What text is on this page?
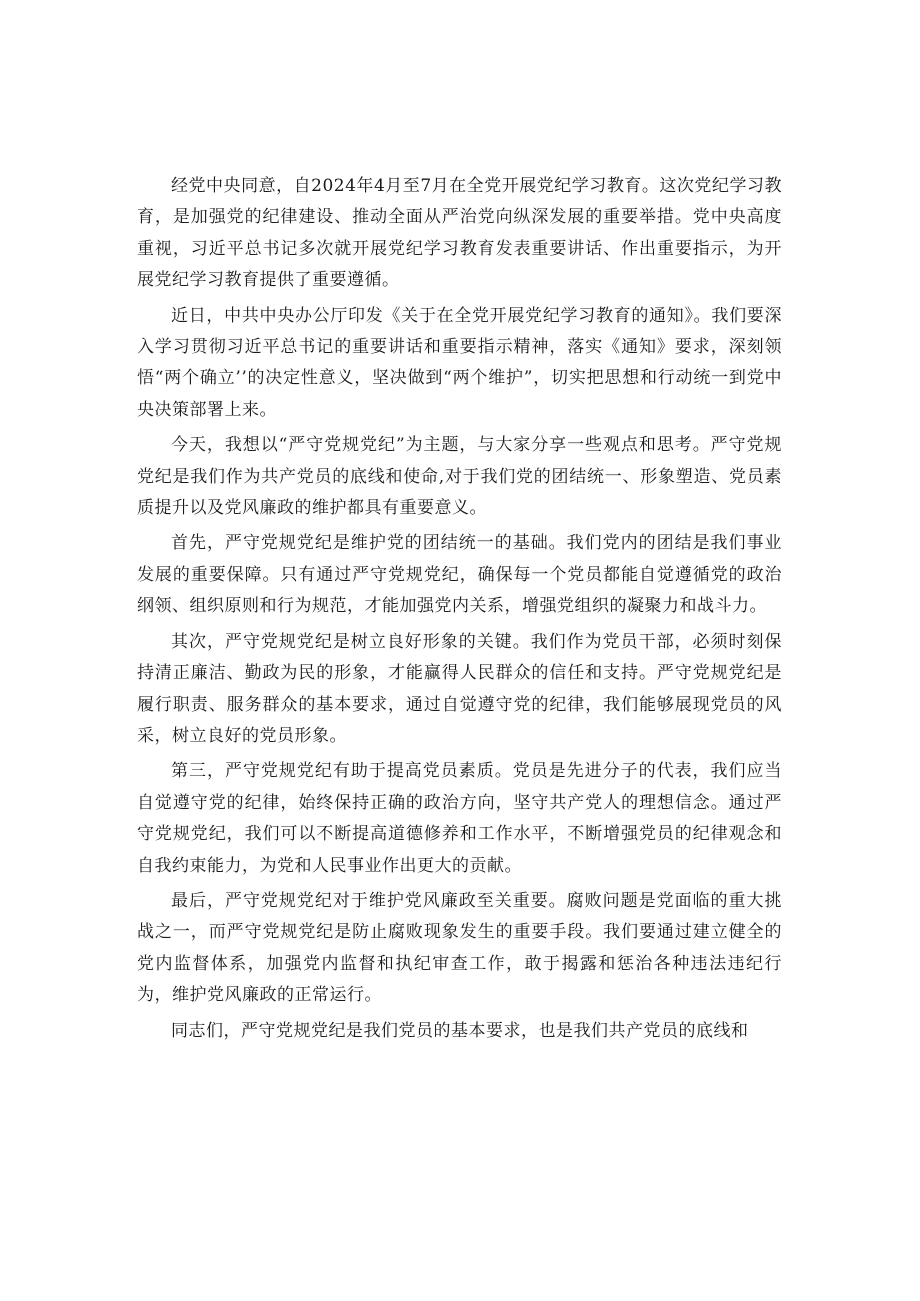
经党中央同意，自2024年4月至7月在全党开展党纪学习教育。这次党纪学习教育，是加强党的纪律建设、推动全面从严治党向纵深发展的重要举措。党中央高度重视，习近平总书记多次就开展党纪学习教育发表重要讲话、作出重要指示，为开展党纪学习教育提供了重要遵循。

近日，中共中央办公厅印发《关于在全党开展党纪学习教育的通知》。我们要深入学习贯彻习近平总书记的重要讲话和重要指示精神，落实《通知》要求，深刻领悟“两个确立’’的决定性意义，坚决做到“两个维护”，切实把思想和行动统一到党中央决策部署上来。

今天，我想以“严守党规党纪”为主题，与大家分享一些观点和思考。严守党规党纪是我们作为共产党员的底线和使命,对于我们党的团结统一、形象塑造、党员素质提升以及党风廉政的维护都具有重要意义。

首先，严守党规党纪是维护党的团结统一的基础。我们党内的团结是我们事业发展的重要保障。只有通过严守党规党纪，确保每一个党员都能自觉遵循党的政治纲领、组织原则和行为规范，才能加强党内关系，增强党组织的凝聚力和战斗力。

其次，严守党规党纪是树立良好形象的关键。我们作为党员干部，必须时刻保持清正廉洁、勤政为民的形象，才能赢得人民群众的信任和支持。严守党规党纪是履行职责、服务群众的基本要求，通过自觉遵守党的纪律，我们能够展现党员的风采，树立良好的党员形象。

第三，严守党规党纪有助于提高党员素质。党员是先进分子的代表，我们应当自觉遵守党的纪律，始终保持正确的政治方向，坚守共产党人的理想信念。通过严守党规党纪，我们可以不断提高道德修养和工作水平，不断增强党员的纪律观念和自我约束能力，为党和人民事业作出更大的贡献。

最后，严守党规党纪对于维护党风廉政至关重要。腐败问题是党面临的重大挑战之一，而严守党规党纪是防止腐败现象发生的重要手段。我们要通过建立健全的党内监督体系，加强党内监督和执纪审查工作，敢于揭露和惩治各种违法违纪行为，维护党风廉政的正常运行。

同志们，严守党规党纪是我们党员的基本要求，也是我们共产党员的底线和
